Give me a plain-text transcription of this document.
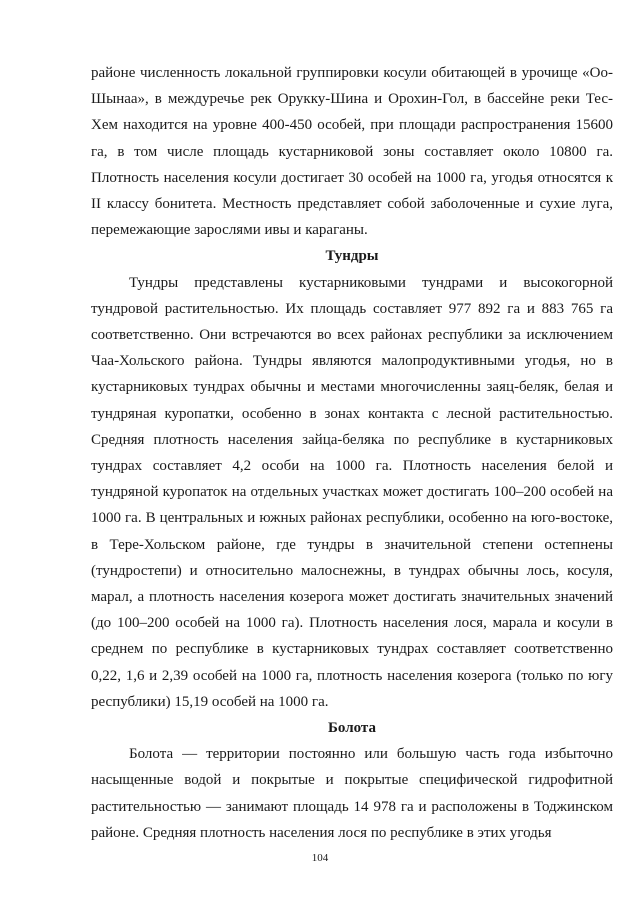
районе численность локальной группировки косули обитающей в урочище «Оо-Шынаа», в междуречье рек Орукку-Шина и Орохин-Гол, в бассейне реки Тес-Хем находится на уровне 400-450 особей, при площади распространения 15600 га, в том числе площадь кустарниковой зоны составляет около 10800 га. Плотность населения косули достигает 30 особей на 1000 га, угодья относятся к II классу бонитета. Местность представляет собой заболоченные и сухие луга, перемежающие зарослями ивы и караганы.

Тундры

Тундры представлены кустарниковыми тундрами и высокогорной тундровой растительностью. Их площадь составляет 977 892 га и 883 765 га соответственно. Они встречаются во всех районах республики за исключением Чаа-Хольского района. Тундры являются малопродуктивными угодья, но в кустарниковых тундрах обычны и местами многочисленны заяц-беляк, белая и тундряная куропатки, особенно в зонах контакта с лесной растительностью. Средняя плотность населения зайца-беляка по республике в кустарниковых тундрах составляет 4,2 особи на 1000 га. Плотность населения белой и тундряной куропаток на отдельных участках может достигать 100–200 особей на 1000 га. В центральных и южных районах республики, особенно на юго-востоке, в Тере-Хольском районе, где тундры в значительной степени остепнены (тундростепи) и относительно малоснежны, в тундрах обычны лось, косуля, марал, а плотность населения козерога может достигать значительных значений (до 100–200 особей на 1000 га). Плотность населения лося, марала и косули в среднем по республике в кустарниковых тундрах составляет соответственно 0,22, 1,6 и 2,39 особей на 1000 га, плотность населения козерога (только по югу республики) 15,19 особей на 1000 га.

Болота

Болота — территории постоянно или большую часть года избыточно насыщенные водой и покрытые и покрытые специфической гидрофитной растительностью — занимают площадь 14 978 га и расположены в Тоджинском районе. Средняя плотность населения лося по республике в этих угодья

104
